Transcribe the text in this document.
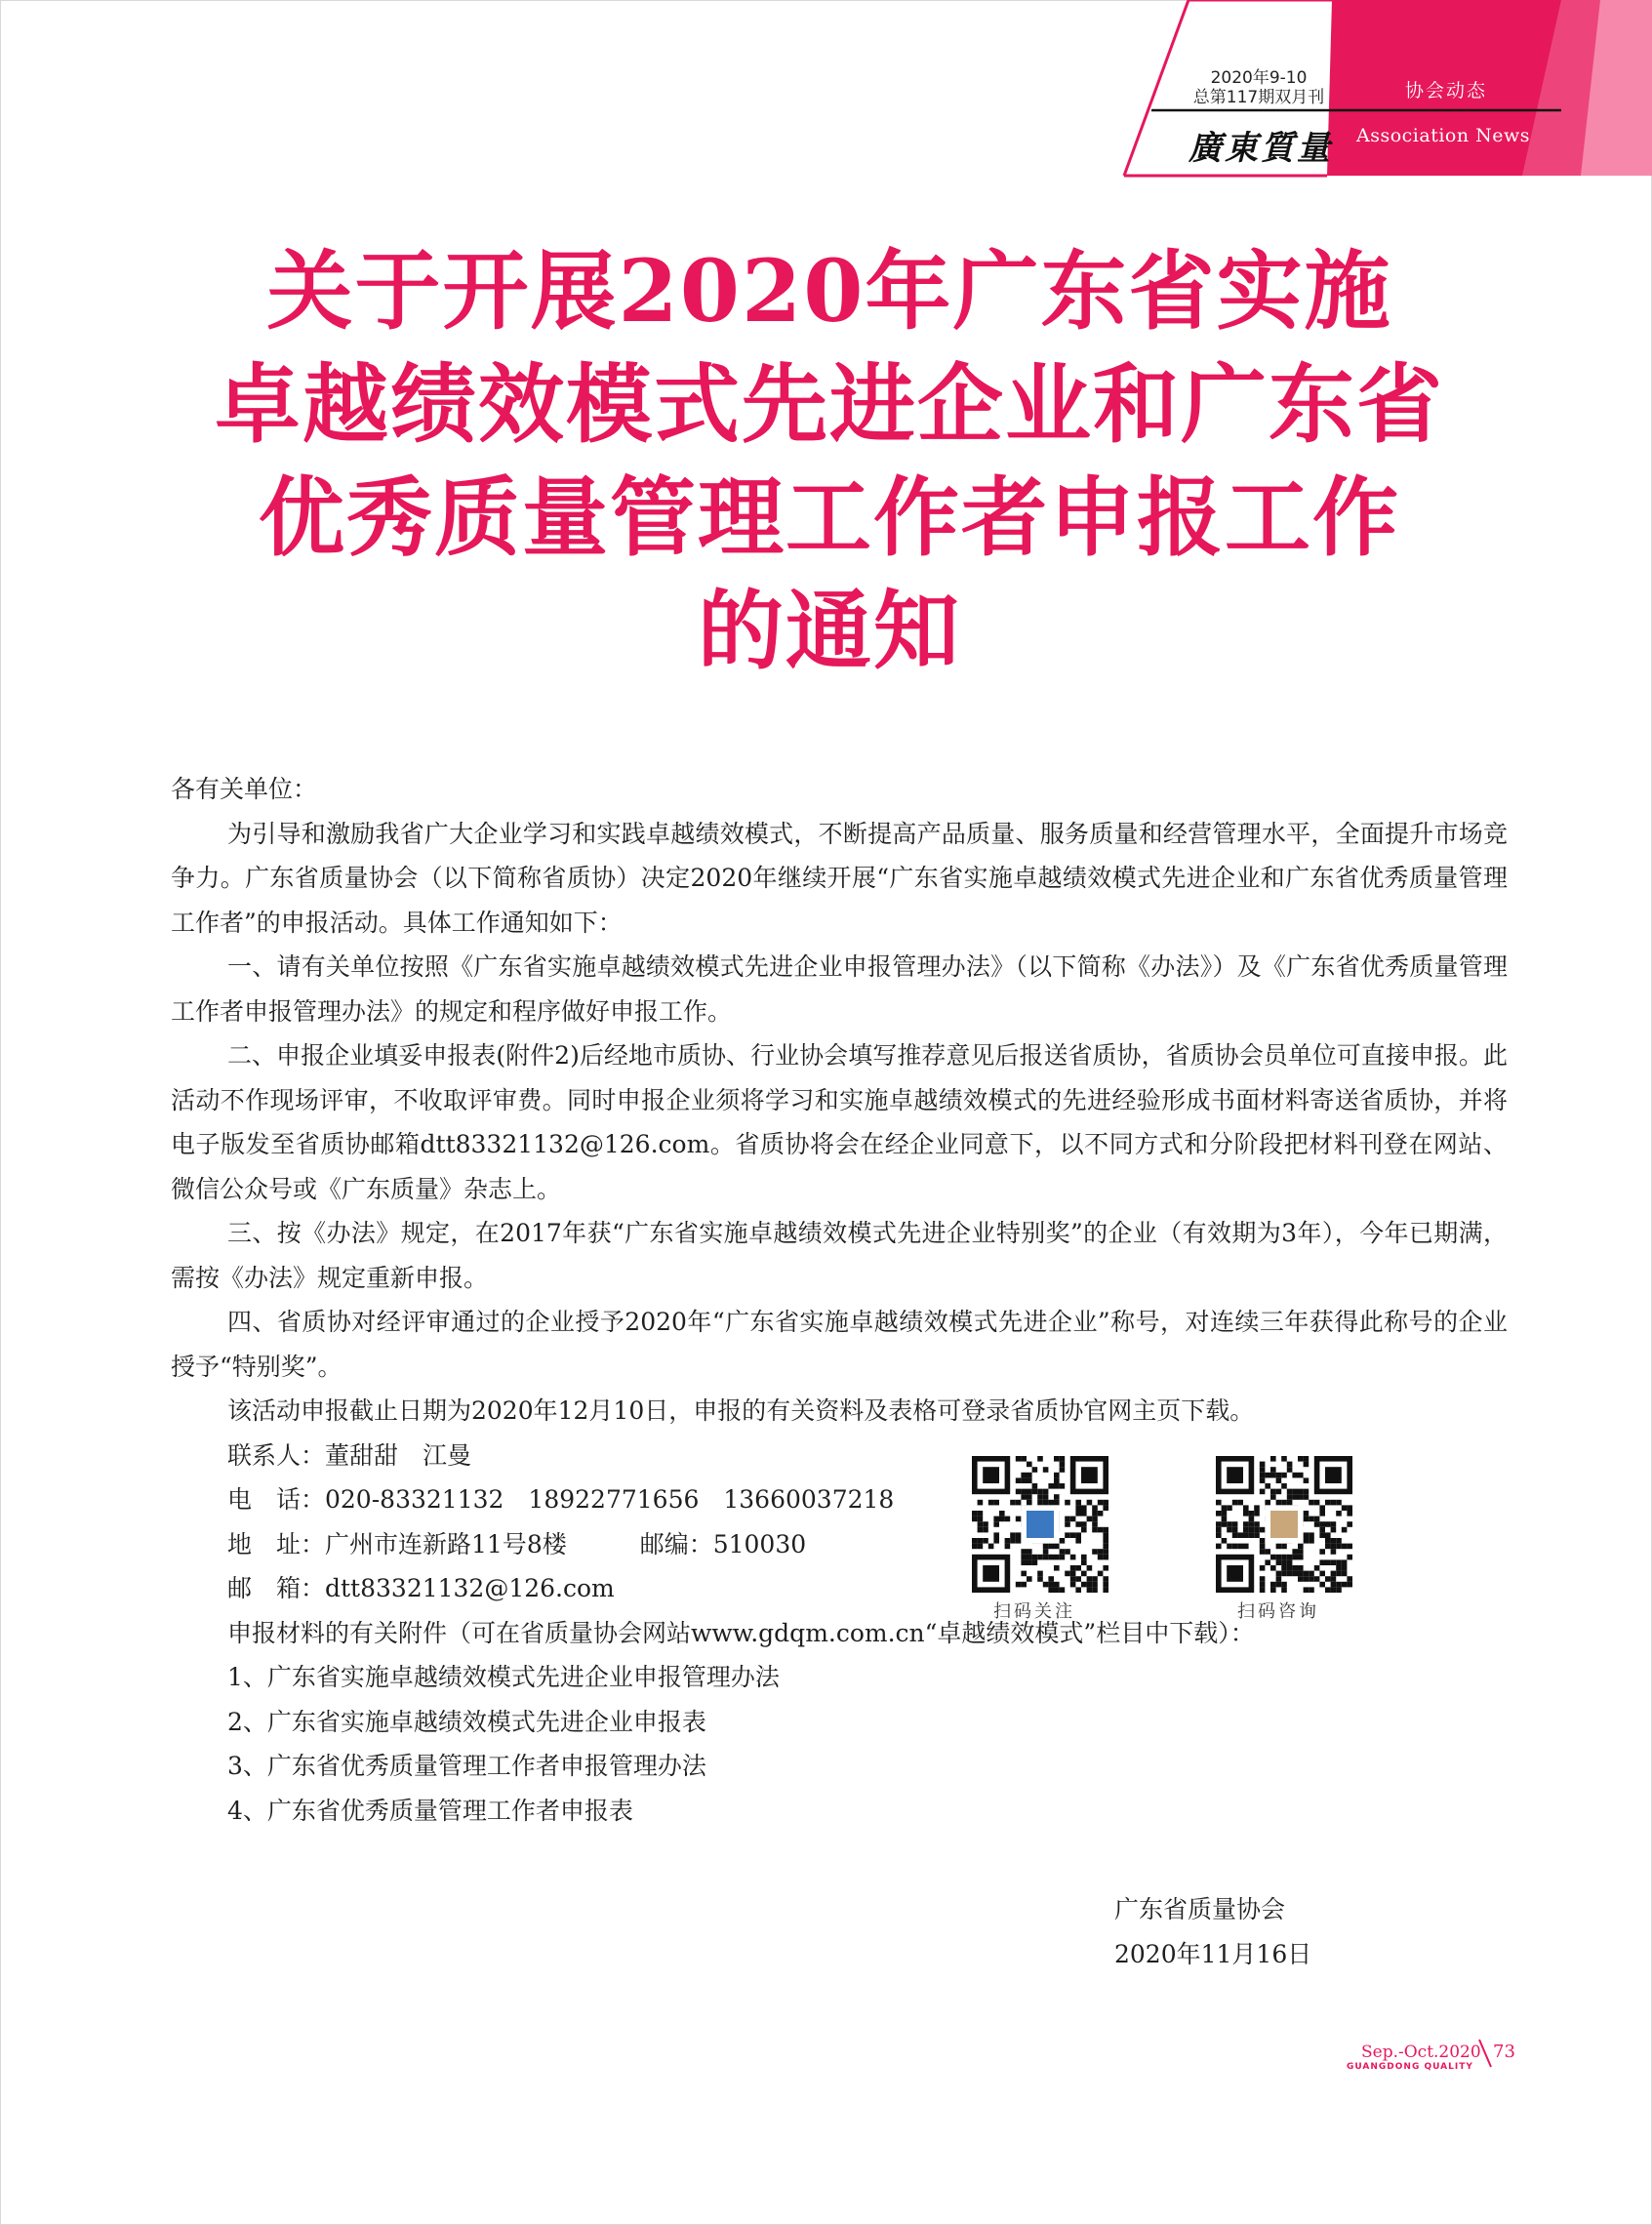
2020年9-10
总第117期双月刊
廣東質量
协会动态
Association News
关于开展2020年广东省实施
卓越绩效模式先进企业和广东省
优秀质量管理工作者申报工作
的通知

各有关单位：

为引导和激励我省广大企业学习和实践卓越绩效模式，不断提高产品质量、服务质量和经营管理水平，全面提升市场竞争力。广东省质量协会（以下简称省质协）决定2020年继续开展“广东省实施卓越绩效模式先进企业和广东省优秀质量管理工作者”的申报活动。具体工作通知如下：

一、请有关单位按照《广东省实施卓越绩效模式先进企业申报管理办法》（以下简称《办法》）及《广东省优秀质量管理工作者申报管理办法》的规定和程序做好申报工作。

二、申报企业填妥申报表(附件2)后经地市质协、行业协会填写推荐意见后报送省质协，省质协会员单位可直接申报。此活动不作现场评审，不收取评审费。同时申报企业须将学习和实施卓越绩效模式的先进经验形成书面材料寄送省质协，并将电子版发至省质协邮箱dtt83321132@126.com。省质协将会在经企业同意下，以不同方式和分阶段把材料刊登在网站、微信公众号或《广东质量》杂志上。

三、按《办法》规定，在2017年获“广东省实施卓越绩效模式先进企业特别奖”的企业（有效期为3年），今年已期满，需按《办法》规定重新申报。

四、省质协对经评审通过的企业授予2020年“广东省实施卓越绩效模式先进企业”称号，对连续三年获得此称号的企业授予“特别奖”。

该活动申报截止日期为2020年12月10日，申报的有关资料及表格可登录省质协官网主页下载。

联系人：董甜甜　江曼
电　话：020-83321132　18922771656　13660037218
地　址：广州市连新路11号8楼　　　邮编：510030
邮　箱：dtt83321132@126.com

申报材料的有关附件（可在省质量协会网站www.gdqm.com.cn“卓越绩效模式”栏目中下载）：

1、广东省实施卓越绩效模式先进企业申报管理办法

2、广东省实施卓越绩效模式先进企业申报表

3、广东省优秀质量管理工作者申报管理办法

4、广东省优秀质量管理工作者申报表

扫码关注	扫码咨询
广东省质量协会
2020年11月16日
Sep.-Oct.2020
GUANGDONG QUALITY
73
